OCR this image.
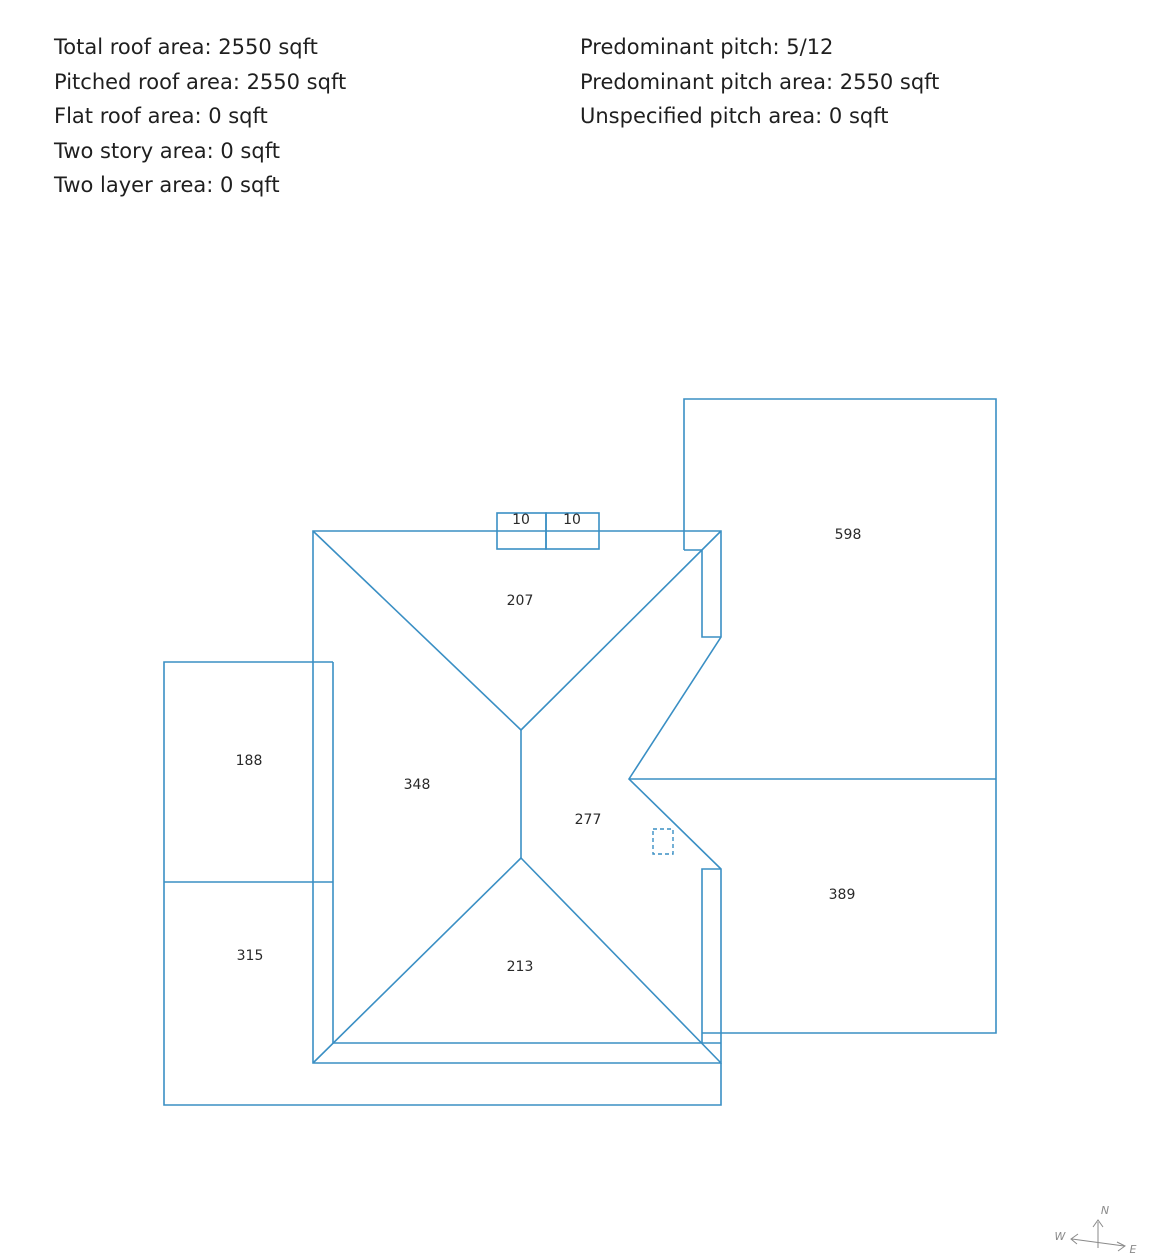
Total roof area: 2550 sqft
Pitched roof area: 2550 sqft
Flat roof area: 0 sqft
Two story area: 0 sqft
Two layer area: 0 sqft
Predominant pitch: 5/12
Predominant pitch area: 2550 sqft
Unspecified pitch area: 0 sqft
10 10
207
598
188
348
277
315
213
389
N
W
E
